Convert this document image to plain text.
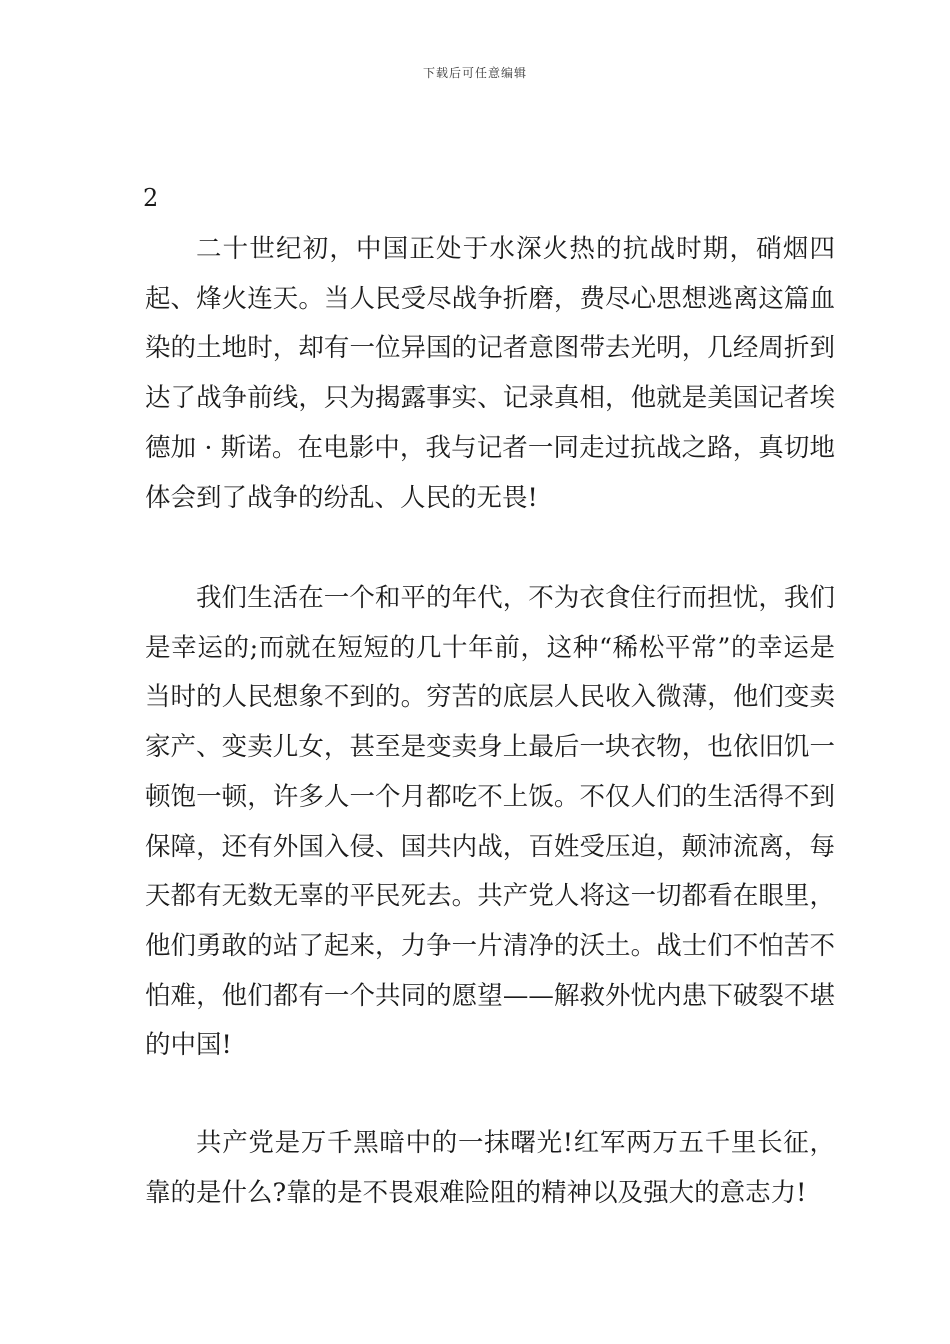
下载后可任意编辑
2

二十世纪初，中国正处于水深火热的抗战时期，硝烟四起、烽火连天。当人民受尽战争折磨，费尽心思想逃离这篇血染的土地时，却有一位异国的记者意图带去光明，几经周折到达了战争前线，只为揭露事实、记录真相，他就是美国记者埃德加 · 斯诺。在电影中，我与记者一同走过抗战之路，真切地体会到了战争的纷乱、人民的无畏!

我们生活在一个和平的年代，不为衣食住行而担忧，我们是幸运的;而就在短短的几十年前，这种“稀松平常”的幸运是当时的人民想象不到的。穷苦的底层人民收入微薄，他们变卖家产、变卖儿女，甚至是变卖身上最后一块衣物，也依旧饥一顿饱一顿，许多人一个月都吃不上饭。不仅人们的生活得不到保障，还有外国入侵、国共内战，百姓受压迫，颠沛流离，每天都有无数无辜的平民死去。共产党人将这一切都看在眼里，他们勇敢的站了起来，力争一片清净的沃土。战士们不怕苦不怕难，他们都有一个共同的愿望——解救外忧内患下破裂不堪的中国!

共产党是万千黑暗中的一抹曙光!红军两万五千里长征，靠的是什么?靠的是不畏艰难险阻的精神以及强大的意志力!
